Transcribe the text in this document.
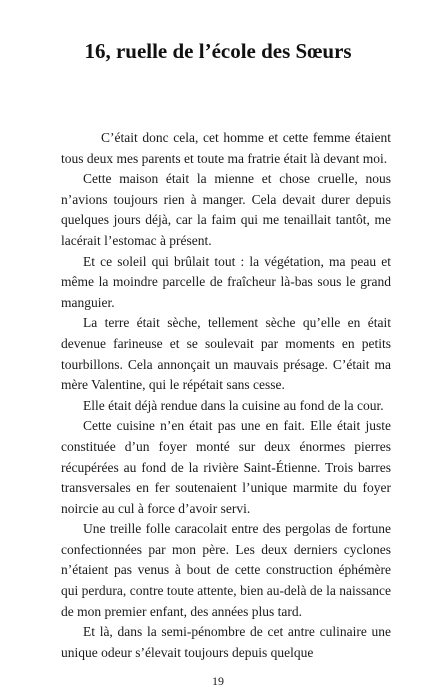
16, ruelle de l’école des Sœurs

C’était donc cela, cet homme et cette femme étaient tous deux mes parents et toute ma fratrie était là devant moi.

Cette maison était la mienne et chose cruelle, nous n’avions toujours rien à manger. Cela devait durer depuis quelques jours déjà, car la faim qui me tenaillait tantôt, me lacérait l’estomac à présent.

Et ce soleil qui brûlait tout : la végétation, ma peau et même la moindre parcelle de fraîcheur là-bas sous le grand manguier.

La terre était sèche, tellement sèche qu’elle en était devenue farineuse et se soulevait par moments en petits tourbillons. Cela annonçait un mauvais présage. C’était ma mère Valentine, qui le répétait sans cesse.

Elle était déjà rendue dans la cuisine au fond de la cour.

Cette cuisine n’en était pas une en fait. Elle était juste constituée d’un foyer monté sur deux énormes pierres récupérées au fond de la rivière Saint-Étienne. Trois barres transversales en fer soutenaient l’unique marmite du foyer noircie au cul à force d’avoir servi.

Une treille folle caracolait entre des pergolas de fortune confectionnées par mon père. Les deux derniers cyclones n’étaient pas venus à bout de cette construction éphémère qui perdura, contre toute attente, bien au-delà de la naissance de mon premier enfant, des années plus tard.

Et là, dans la semi-pénombre de cet antre culinaire une unique odeur s’élevait toujours depuis quelque

19
